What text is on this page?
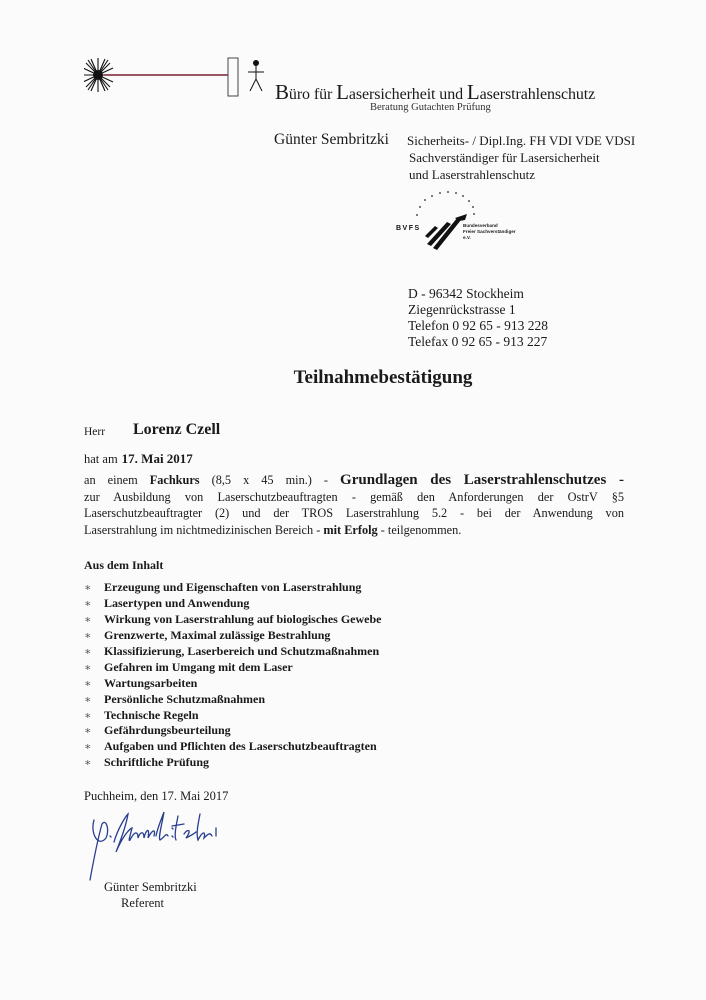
Büro für Lasersicherheit und Laserstrahlenschutz
Beratung Gutachten Prüfung
Günter Sembritzki Sicherheits- / Dipl.Ing. FH VDI VDE VDSI
Sachverständiger für Lasersicherheit
und Laserstrahlenschutz
BVFS	Bundesverband
Freier Sachverständiger
e.V.
D - 96342 Stockheim
Ziegenrückstrasse 1
Telefon 0 92 65 - 913 228
Telefax 0 92 65 - 913 227
Teilnahmebestätigung
Herr Lorenz Czell
hat am 17. Mai 2017
an einem Fachkurs (8,5 x 45 min.) - Grundlagen des Laserstrahlenschutzes -
zur Ausbildung von Laserschutzbeauftragten - gemäß den Anforderungen der OstrV §5
Laserschutzbeauftragter (2) und der TROS Laserstrahlung 5.2 - bei der Anwendung von
Laserstrahlung im nichtmedizinischen Bereich - mit Erfolg - teilgenommen.
Aus dem Inhalt
∗	Erzeugung und Eigenschaften von Laserstrahlung
∗	Lasertypen und Anwendung
∗	Wirkung von Laserstrahlung auf biologisches Gewebe
∗	Grenzwerte, Maximal zulässige Bestrahlung
∗	Klassifizierung, Laserbereich und Schutzmaßnahmen
∗	Gefahren im Umgang mit dem Laser
∗	Wartungsarbeiten
∗	Persönliche Schutzmaßnahmen
∗	Technische Regeln
∗	Gefährdungsbeurteilung
∗	Aufgaben und Pflichten des Laserschutzbeauftragten
∗	Schriftliche Prüfung
Puchheim, den 17. Mai 2017
Günter Sembritzki
Referent
